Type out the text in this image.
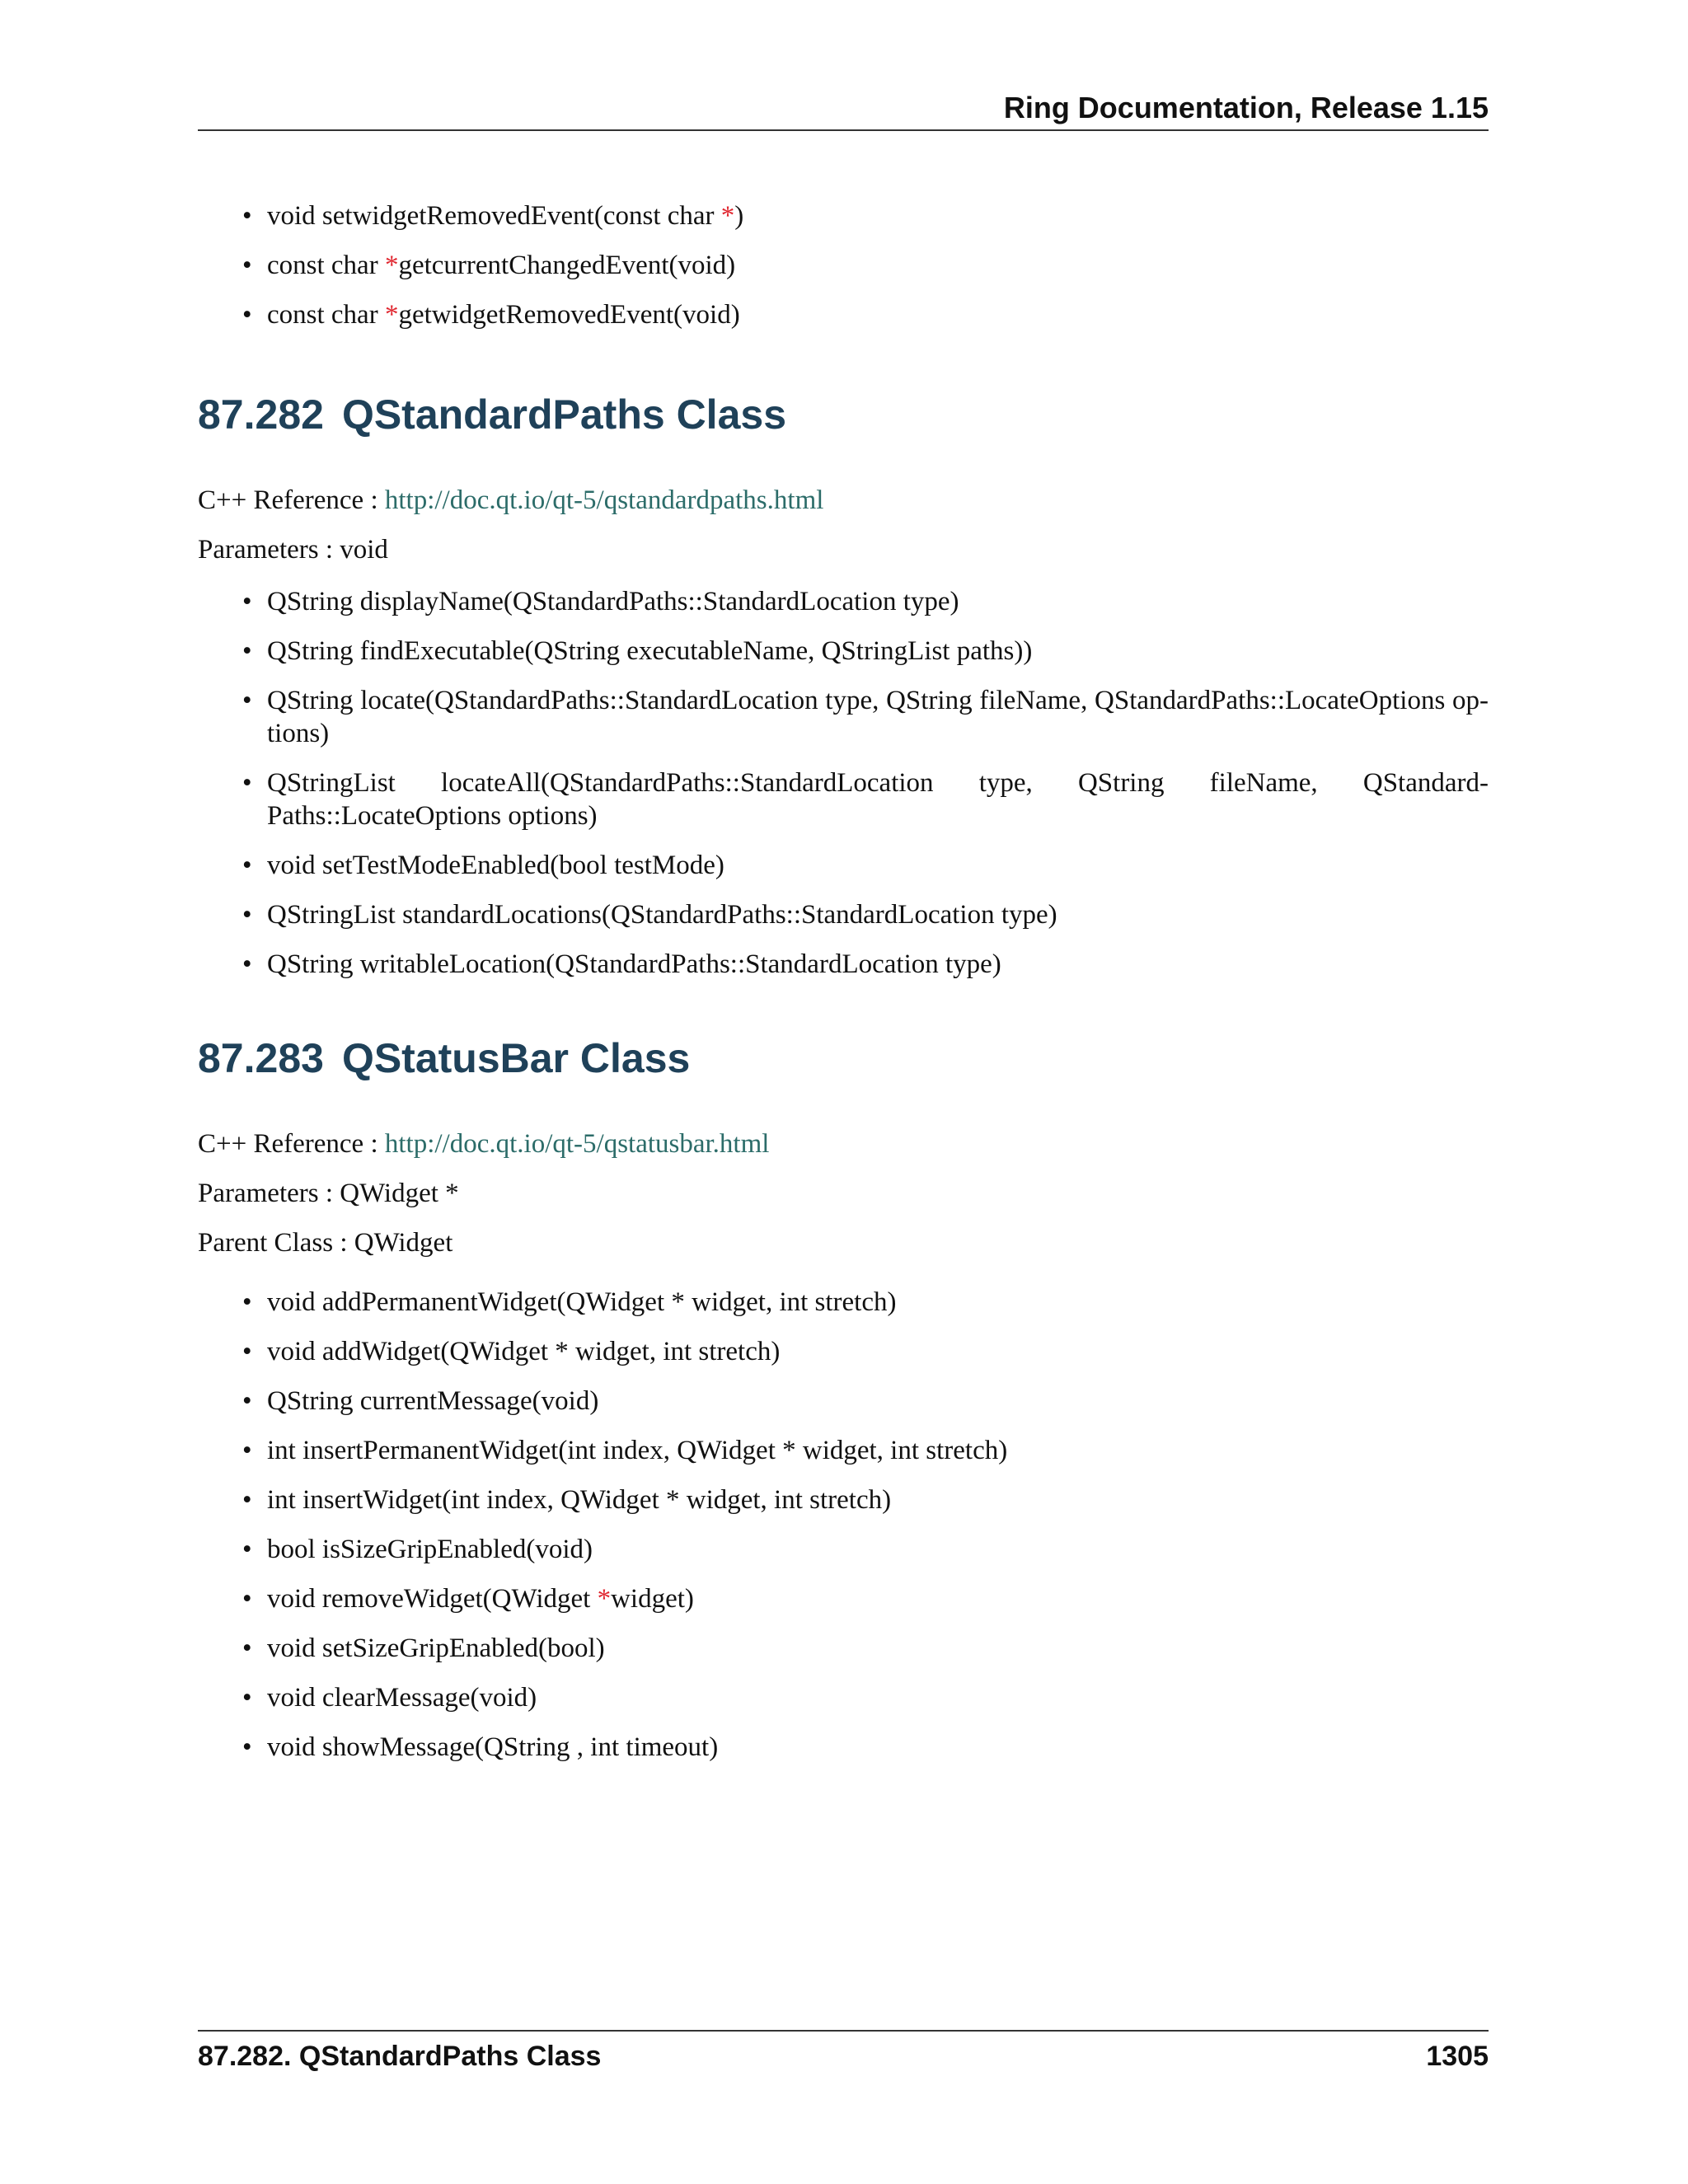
Ring Documentation, Release 1.15
• void setwidgetRemovedEvent(const char *)
• const char *getcurrentChangedEvent(void)
• const char *getwidgetRemovedEvent(void)
87.282 QStandardPaths Class
C++ Reference : http://doc.qt.io/qt-5/qstandardpaths.html
Parameters : void
• QString displayName(QStandardPaths::StandardLocation type)
• QString findExecutable(QString executableName, QStringList paths))
• QString locate(QStandardPaths::StandardLocation type, QString fileName, QStandardPaths::LocateOptions op- tions)
• QStringList locateAll(QStandardPaths::StandardLocation type, QString fileName, QStandard- Paths::LocateOptions options)
• void setTestModeEnabled(bool testMode)
• QStringList standardLocations(QStandardPaths::StandardLocation type)
• QString writableLocation(QStandardPaths::StandardLocation type)
87.283 QStatusBar Class
C++ Reference : http://doc.qt.io/qt-5/qstatusbar.html
Parameters : QWidget *
Parent Class : QWidget
• void addPermanentWidget(QWidget * widget, int stretch)
• void addWidget(QWidget * widget, int stretch)
• QString currentMessage(void)
• int insertPermanentWidget(int index, QWidget * widget, int stretch)
• int insertWidget(int index, QWidget * widget, int stretch)
• bool isSizeGripEnabled(void)
• void removeWidget(QWidget *widget)
• void setSizeGripEnabled(bool)
• void clearMessage(void)
• void showMessage(QString , int timeout)
87.282. QStandardPaths Class	1305
